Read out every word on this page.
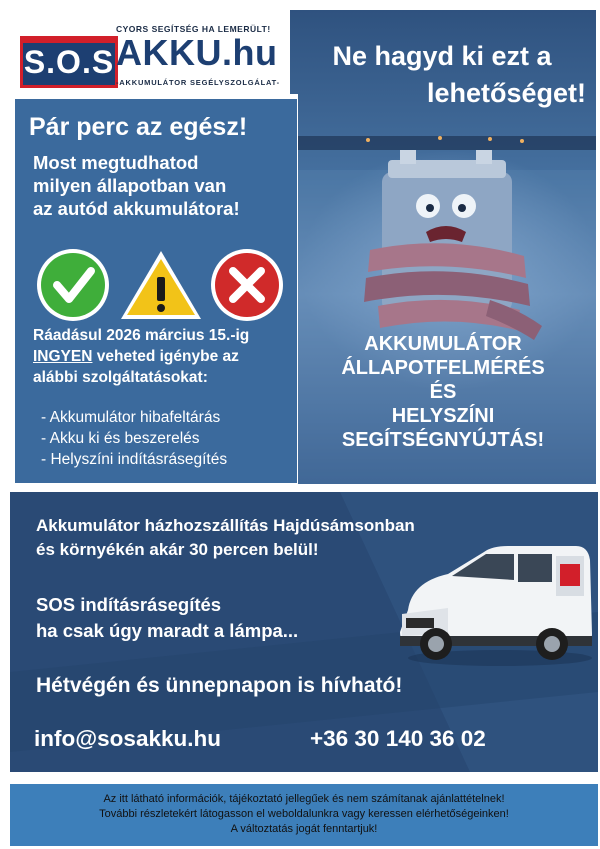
Ne hagyd ki ezt a
lehetőséget!
AKKUMULÁTOR
ÁLLAPOTFELMÉRÉS
ÉS
HELYSZÍNI
SEGÍTSÉGNYÚJTÁS!
CYORS SEGÍTSÉG HA LEMERÜLT!
S.O.S AKKU.hu
-AKKUMULÁTOR SEGÉLYSZOLGÁLAT-
Pár perc az egész!
Most megtudhatod
milyen állapotban van
az autód akkumulátora!
Ráadásul 2026 március 15.-ig
INGYEN veheted igénybe az
alábbi szolgáltatásokat:
- Akkumulátor hibafeltárás
- Akku ki és beszerelés
- Helyszíni indításrásegítés
Akkumulátor házhozszállítás Hajdúsámsonban
és környékén akár 30 percen belül!
SOS indításrásegítés
ha csak úgy maradt a lámpa...
Hétvégén és ünnepnapon is hívható!
info@sosakku.hu	+36 30 140 36 02
Az itt látható információk, tájékoztató jellegűek és nem számítanak ajánlattételnek!
További részletekért látogasson el weboldalunkra vagy keressen elérhetőségeinken!
A változtatás jogát fenntartjuk!
